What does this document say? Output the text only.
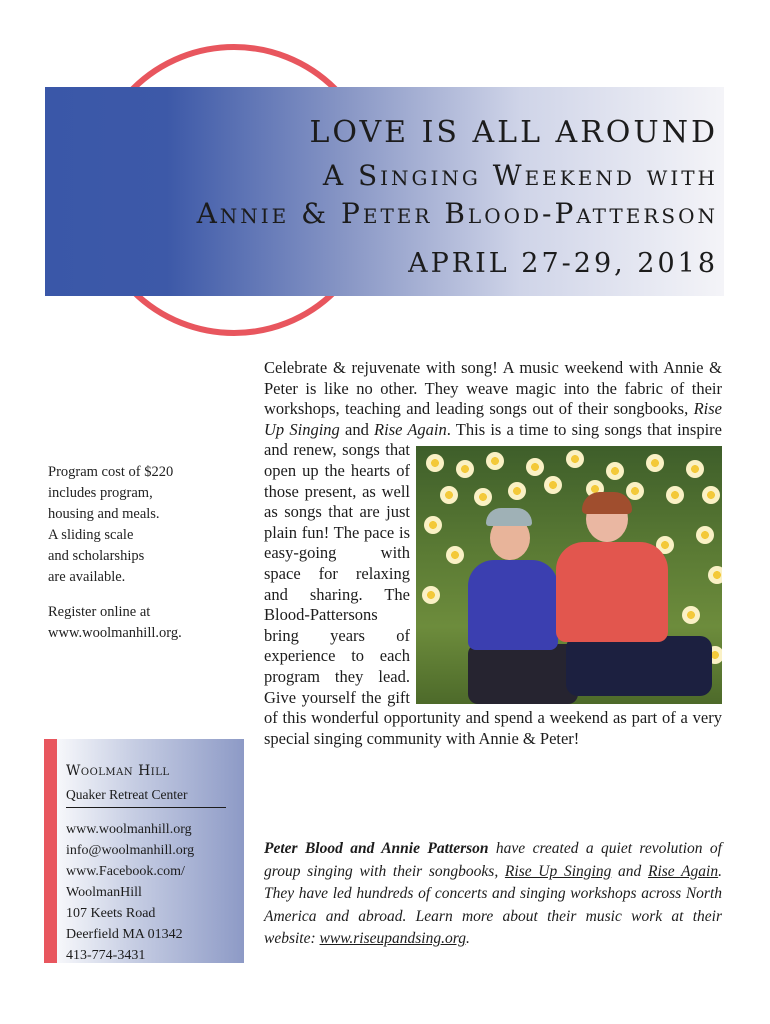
LOVE IS ALL AROUND
A Singing Weekend with
Annie & Peter Blood-Patterson
APRIL 27-29, 2018

Program cost of $220

includes program,

housing and meals.

A sliding scale

and scholarships

are available.

Register online at

www.woolmanhill.org.

Celebrate & rejuvenate with song! A music weekend with Annie & Peter is like no other. They weave magic into the fabric of their workshops, teaching and leading songs out of their songbooks, Rise Up Singing and Rise Again. This is a time to sing
songs that inspire and renew, songs that open up the hearts of those present, as well as songs that are just plain fun! The pace is easy-going with space for relaxing and sharing. The Blood-Pattersons bring years of experience to each program they lead. Give yourself the gift of this wonderful opportunity and spend a weekend as part of a very special singing community with Annie & Peter!

Woolman Hill
Quaker Retreat Center
www.woolmanhill.org
info@woolmanhill.org
www.Facebook.com/
WoolmanHill
107 Keets Road
Deerfield MA 01342
413-774-3431
Peter Blood and Annie Patterson have created a quiet revolution of group singing with their songbooks, Rise Up Singing and Rise Again. They have led hundreds of concerts and singing workshops across North America and abroad. Learn more about their music work at their website: www.riseupandsing.org.
